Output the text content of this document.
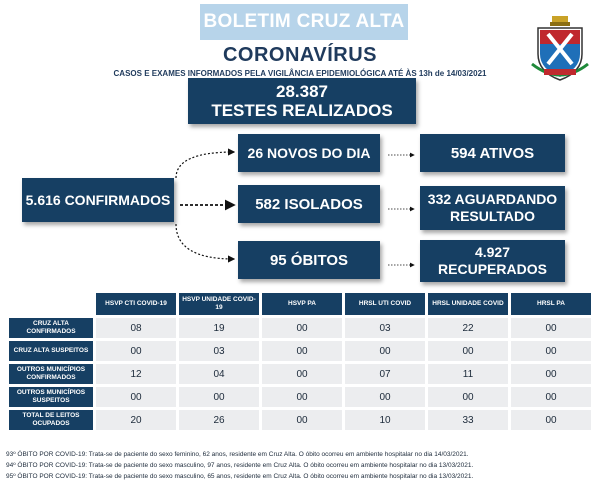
BOLETIM CRUZ ALTA
CORONAVÍRUS
CASOS E EXAMES INFORMADOS PELA VIGILÂNCIA EPIDEMIOLÓGICA ATÉ ÀS 13h de 14/03/2021
28.387
TESTES REALIZADOS
5.616 CONFIRMADOS
26 NOVOS DO DIA
582 ISOLADOS
95 ÓBITOS
594 ATIVOS
332 AGUARDANDO RESULTADO
4.927 RECUPERADOS
	HSVP CTI COVID-19	HSVP UNIDADE COVID-19	HSVP PA	HRSL UTI COVID	HRSL UNIDADE COVID	HRSL PA
CRUZ ALTA CONFIRMADOS	08	19	00	03	22	00
CRUZ ALTA SUSPEITOS	00	03	00	00	00	00
OUTROS MUNICÍPIOS CONFIRMADOS	12	04	00	07	11	00
OUTROS MUNICÍPIOS SUSPEITOS	00	00	00	00	00	00
TOTAL DE LEITOS OCUPADOS	20	26	00	10	33	00
93º ÓBITO POR COVID-19: Trata-se de paciente do sexo feminino, 62 anos, residente em Cruz Alta. O óbito ocorreu em ambiente hospitalar no dia 14/03/2021.
94º ÓBITO POR COVID-19: Trata-se de paciente do sexo masculino, 97 anos, residente em Cruz Alta. O óbito ocorreu em ambiente hospitalar no dia 13/03/2021.
95º ÓBITO POR COVID-19: Trata-se de paciente do sexo masculino, 65 anos, residente em Cruz Alta. O óbito ocorreu em ambiente hospitalar no dia 13/03/2021.
